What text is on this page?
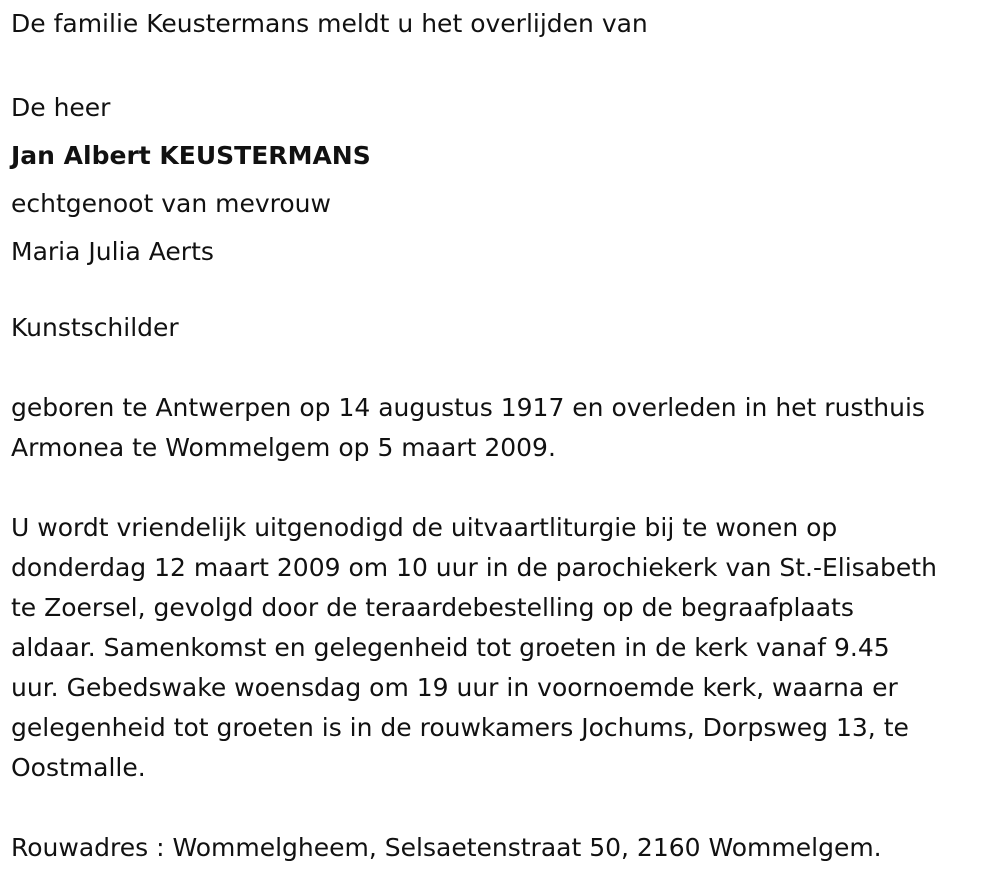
De familie Keustermans meldt u het overlijden van

De heer

Jan Albert KEUSTERMANS

echtgenoot van mevrouw

Maria Julia Aerts

Kunstschilder

geboren te Antwerpen op 14 augustus 1917 en overleden in het rusthuis

Armonea te Wommelgem op 5 maart 2009.

U wordt vriendelijk uitgenodigd de uitvaartliturgie bij te wonen op

donderdag 12 maart 2009 om 10 uur in de parochiekerk van St.-Elisabeth

te Zoersel, gevolgd door de teraardebestelling op de begraafplaats

aldaar. Samenkomst en gelegenheid tot groeten in de kerk vanaf 9.45

uur. Gebedswake woensdag om 19 uur in voornoemde kerk, waarna er

gelegenheid tot groeten is in de rouwkamers Jochums, Dorpsweg 13, te

Oostmalle.

Rouwadres : Wommelgheem, Selsaetenstraat 50, 2160 Wommelgem.
